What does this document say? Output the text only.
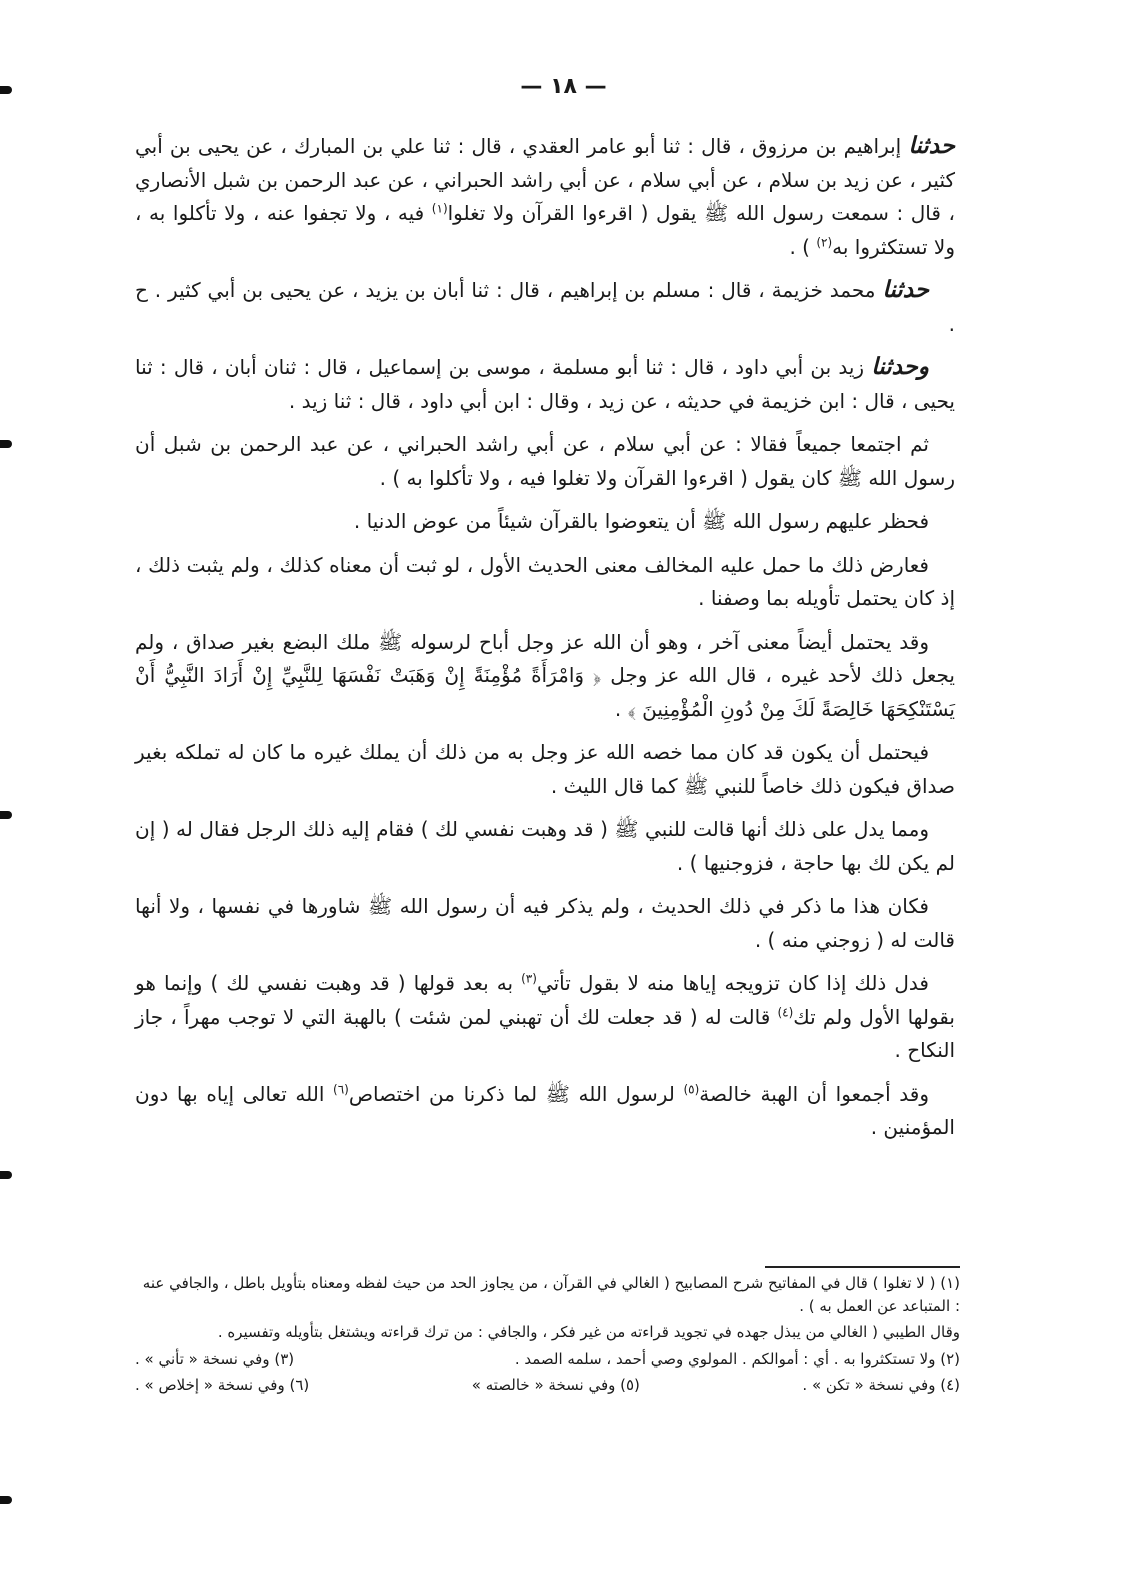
— ١٨ —

حدثنا إبراهيم بن مرزوق ، قال : ثنا أبو عامر العقدي ، قال : ثنا علي بن المبارك ، عن يحيى بن أبي كثير ، عن زيد بن سلام ، عن أبي سلام ، عن أبي راشد الحبراني ، عن عبد الرحمن بن شبل الأنصاري ، قال : سمعت رسول الله ﷺ يقول ( اقرءوا القرآن ولا تغلوا$^{(١)}$ فيه ، ولا تجفوا عنه ، ولا تأكلوا به ، ولا تستكثروا به$^{(٢)}$ ) .

حدثنا محمد خزيمة ، قال : مسلم بن إبراهيم ، قال : ثنا أبان بن يزيد ، عن يحيى بن أبي كثير . ح .

وحدثنا زيد بن أبي داود ، قال : ثنا أبو مسلمة ، موسى بن إسماعيل ، قال : ثنان أبان ، قال : ثنا يحيى ، قال : ابن خزيمة في حديثه ، عن زيد ، وقال : ابن أبي داود ، قال : ثنا زيد .

ثم اجتمعا جميعاً فقالا : عن أبي سلام ، عن أبي راشد الحبراني ، عن عبد الرحمن بن شبل أن رسول الله ﷺ كان يقول ( اقرءوا القرآن ولا تغلوا فيه ، ولا تأكلوا به ) .

فحظر عليهم رسول الله ﷺ أن يتعوضوا بالقرآن شيئاً من عوض الدنيا .

فعارض ذلك ما حمل عليه المخالف معنى الحديث الأول ، لو ثبت أن معناه كذلك ، ولم يثبت ذلك ، إذ كان يحتمل تأويله بما وصفنا .

وقد يحتمل أيضاً معنى آخر ، وهو أن الله عز وجل أباح لرسوله ﷺ ملك البضع بغير صداق ، ولم يجعل ذلك لأحد غيره ، قال الله عز وجل ﴿ وَامْرَأَةً مُؤْمِنَةً إِنْ وَهَبَتْ نَفْسَهَا لِلنَّبِيِّ إِنْ أَرَادَ النَّبِيُّ أَنْ يَسْتَنْكِحَهَا خَالِصَةً لَكَ مِنْ دُونِ الْمُؤْمِنِينَ ﴾ .

فيحتمل أن يكون قد كان مما خصه الله عز وجل به من ذلك أن يملك غيره ما كان له تملكه بغير صداق فيكون ذلك خاصاً للنبي ﷺ كما قال الليث .

ومما يدل على ذلك أنها قالت للنبي ﷺ ( قد وهبت نفسي لك ) فقام إليه ذلك الرجل فقال له ( إن لم يكن لك بها حاجة ، فزوجنيها ) .

فكان هذا ما ذكر في ذلك الحديث ، ولم يذكر فيه أن رسول الله ﷺ شاورها في نفسها ، ولا أنها قالت له ( زوجني منه ) .

فدل ذلك إذا كان تزويجه إياها منه لا بقول تأتي$^{(٣)}$ به بعد قولها ( قد وهبت نفسي لك ) وإنما هو بقولها الأول ولم تك$^{(٤)}$ قالت له ( قد جعلت لك أن تهبني لمن شئت ) بالهبة التي لا توجب مهراً ، جاز النكاح .

وقد أجمعوا أن الهبة خالصة$^{(٥)}$ لرسول الله ﷺ لما ذكرنا من اختصاص$^{(٦)}$ الله تعالى إياه بها دون المؤمنين .

(١) ( لا تغلوا ) قال في المفاتيح شرح المصابيح ( الغالي في القرآن ، من يجاوز الحد من حيث لفظه ومعناه بتأويل باطل ، والجافي عنه : المتباعد عن العمل به ) .

وقال الطيبي ( الغالي من يبذل جهده في تجويد قراءته من غير فكر ، والجافي : من ترك قراءته ويشتغل بتأويله وتفسيره .

(٢) ولا تستكثروا به . أي : أموالكم . المولوي وصي أحمد ، سلمه الصمد .
(٣) وفي نسخة « تأني » .
(٤) وفي نسخة « تكن » .
(٥) وفي نسخة « خالصته »
(٦) وفي نسخة « إخلاص » .
